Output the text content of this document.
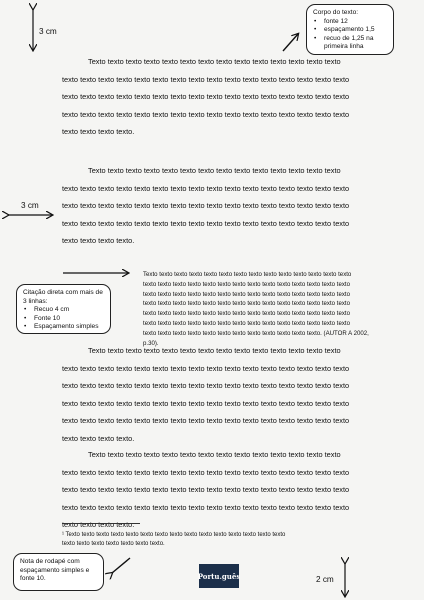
3 cm
3 cm
2 cm
Corpo do texto:
• fonte 12
• espaçamento 1,5
• recuo de 1,25 na primeira linha
Citação direta com mais de 3 linhas:
• Recuo 4 cm
• Fonte 10
• Espaçamento simples
Nota de rodapé com espaçamento simples e fonte 10.
Texto texto texto texto texto texto texto texto texto texto texto texto texto texto
texto texto texto texto texto texto texto texto texto texto texto texto texto texto texto texto
texto texto texto texto texto texto texto texto texto texto texto texto texto texto texto texto
texto texto texto texto texto texto texto texto texto texto texto texto texto texto texto texto
texto texto texto texto.
Texto texto texto texto texto texto texto texto texto texto texto texto texto texto
texto texto texto texto texto texto texto texto texto texto texto texto texto texto texto texto
texto texto texto texto texto texto texto texto texto texto texto texto texto texto texto texto
texto texto texto texto texto texto texto texto texto texto texto texto texto texto texto texto
texto texto texto texto.
Texto texto texto texto texto texto texto texto texto texto texto texto texto texto
texto texto texto texto texto texto texto texto texto texto texto texto texto texto
texto texto texto texto texto texto texto texto texto texto texto texto texto texto
texto texto texto texto texto texto texto texto texto texto texto texto texto texto
texto texto texto texto texto texto texto texto texto texto texto texto texto texto
texto texto texto texto texto texto texto texto texto texto texto texto texto texto
texto texto texto texto texto texto texto texto texto texto texto texto. (AUTOR A 2002,
p.30).
Texto texto texto texto texto texto texto texto texto texto texto texto texto texto
texto texto texto texto texto texto texto texto texto texto texto texto texto texto texto texto
texto texto texto texto texto texto texto texto texto texto texto texto texto texto texto texto
texto texto texto texto texto texto texto texto texto texto texto texto texto texto texto texto
texto texto texto texto texto texto texto texto texto texto texto texto texto texto texto texto
texto texto texto texto.
Texto texto texto texto texto texto texto texto texto texto texto texto texto texto
texto texto texto texto texto texto texto texto texto texto texto texto texto texto texto texto
texto texto texto texto texto texto texto texto texto texto texto texto texto texto texto texto
texto texto texto texto texto texto texto texto texto texto texto texto texto texto texto texto
texto texto texto texto.
¹ Texto texto texto texto texto texto texto texto texto texto texto texto texto texto texto
texto texto texto texto texto texto texto.
Portu.guês
